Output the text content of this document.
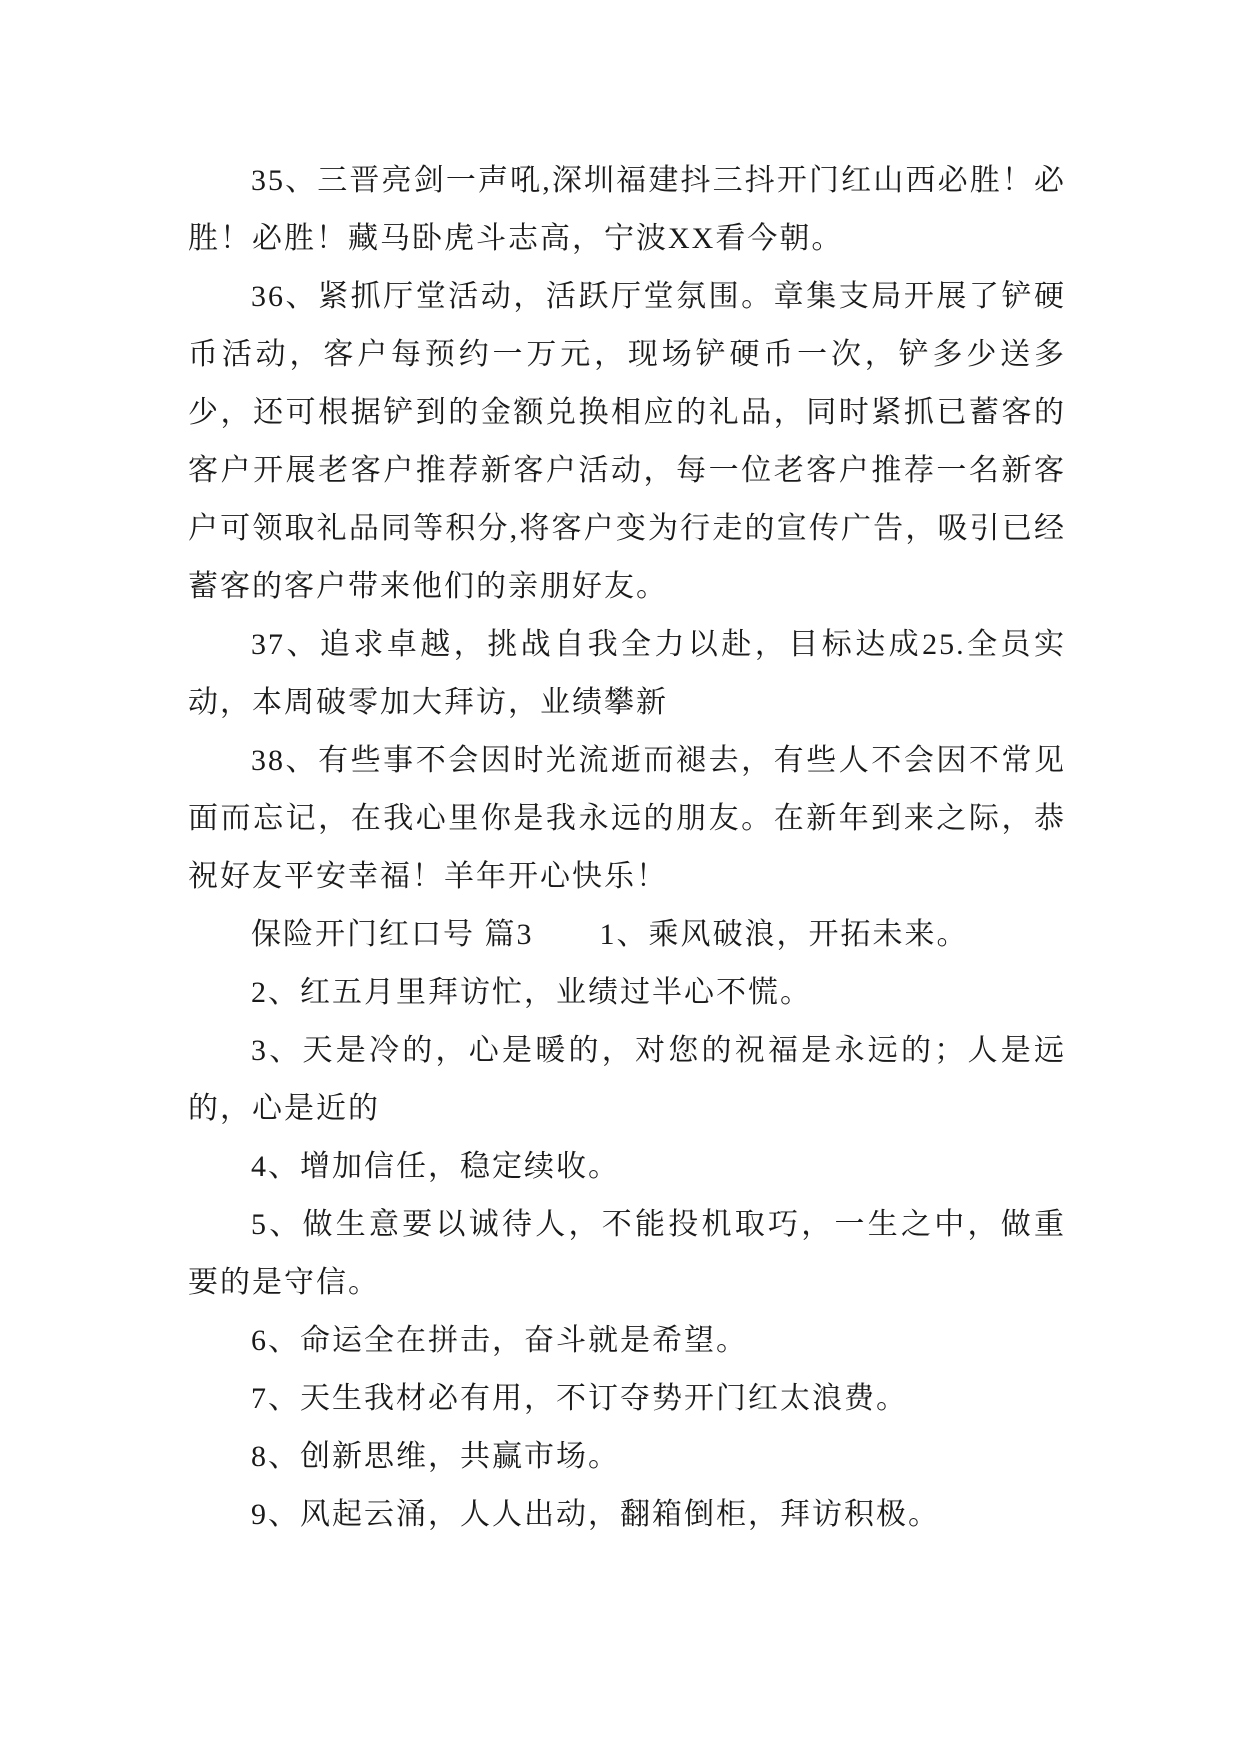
35、三晋亮剑一声吼,深圳福建抖三抖开门红山西必胜！必胜！必胜！藏马卧虎斗志高，宁波XX看今朝。

36、紧抓厅堂活动，活跃厅堂氛围。章集支局开展了铲硬币活动，客户每预约一万元，现场铲硬币一次，铲多少送多少，还可根据铲到的金额兑换相应的礼品，同时紧抓已蓄客的客户开展老客户推荐新客户活动，每一位老客户推荐一名新客户可领取礼品同等积分,将客户变为行走的宣传广告，吸引已经蓄客的客户带来他们的亲朋好友。

37、追求卓越，挑战自我全力以赴，目标达成25.全员实动，本周破零加大拜访，业绩攀新

38、有些事不会因时光流逝而褪去，有些人不会因不常见面而忘记，在我心里你是我永远的朋友。在新年到来之际，恭祝好友平安幸福！羊年开心快乐！

保险开门红口号 篇3 1、乘风破浪，开拓未来。

2、红五月里拜访忙，业绩过半心不慌。

3、天是冷的，心是暖的，对您的祝福是永远的；人是远的，心是近的

4、增加信任，稳定续收。

5、做生意要以诚待人，不能投机取巧，一生之中，做重要的是守信。

6、命运全在拼击，奋斗就是希望。

7、天生我材必有用，不订夺势开门红太浪费。

8、创新思维，共赢市场。

9、风起云涌，人人出动，翻箱倒柜，拜访积极。
